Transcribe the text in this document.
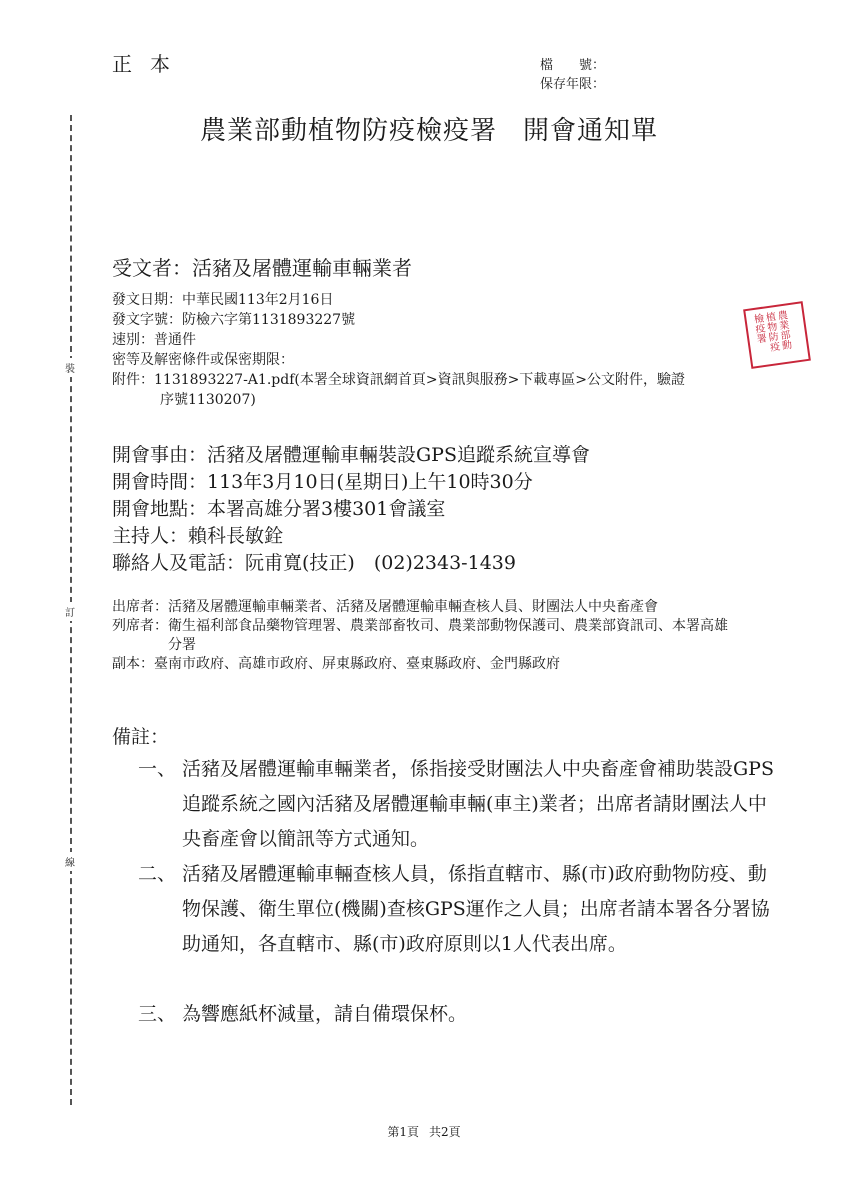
裝
訂
線
正本	檔　　號：
保存年限：
農業部動植物防疫檢疫署 開會通知單
受文者：活豬及屠體運輸車輛業者
發文日期：中華民國113年2月16日
發文字號：防檢六字第1131893227號
速別：普通件
密等及解密條件或保密期限：
附件：1131893227-A1.pdf(本署全球資訊網首頁>資訊與服務>下載專區>公文附件，驗證
序號1130207)
開會事由：活豬及屠體運輸車輛裝設GPS追蹤系統宣導會
開會時間：113年3月10日(星期日)上午10時30分
開會地點：本署高雄分署3樓301會議室
主持人：賴科長敏銓
聯絡人及電話：阮甫寬(技正)　(02)2343-1439
出席者： 活豬及屠體運輸車輛業者、活豬及屠體運輸車輛查核人員、財團法人中央畜產會
列席者： 衛生福利部食品藥物管理署、農業部畜牧司、農業部動物保護司、農業部資訊司、本署高雄分署
副本： 臺南市政府、高雄市政府、屏東縣政府、臺東縣政府、金門縣政府
備註：
一、 活豬及屠體運輸車輛業者，係指接受財團法人中央畜產會補助裝設GPS追蹤系統之國內活豬及屠體運輸車輛(車主)業者；出席者請財團法人中央畜產會以簡訊等方式通知。
二、 活豬及屠體運輸車輛查核人員，係指直轄市、縣(市)政府動物防疫、動物保護、衛生單位(機關)查核GPS運作之人員；出席者請本署各分署協助通知，各直轄市、縣(市)政府原則以1人代表出席。
三、 為響應紙杯減量，請自備環保杯。
農業部動植物防疫檢疫署
第1頁 共2頁
